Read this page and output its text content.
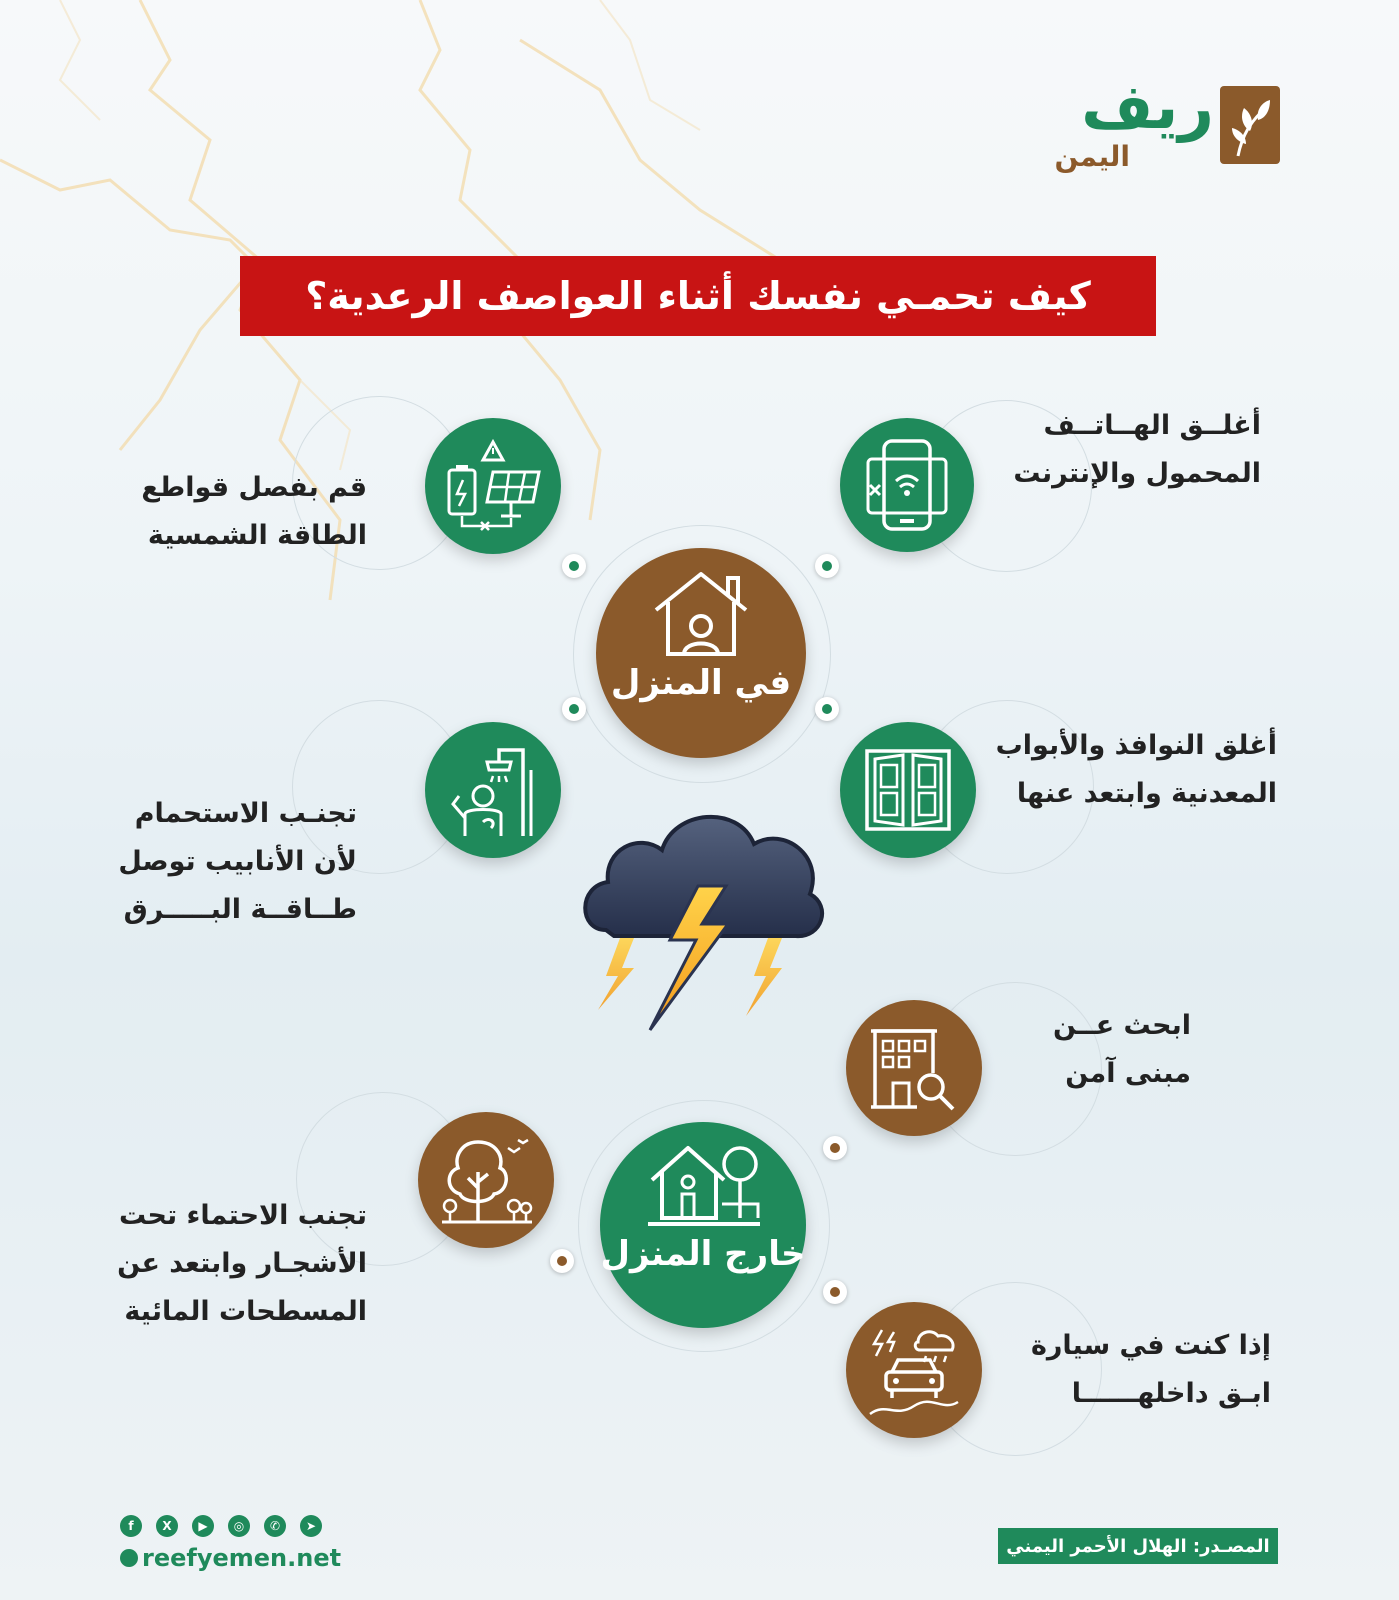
ريف
اليمن
كيف تحمـي نفسك أثناء العواصف الرعدية؟
في المنزل
أغلــق الهــاتــف
المحمول والإنترنت
قم بفصل قواطع
الطاقة الشمسية
أغلق النوافذ والأبواب
المعدنية وابتعد عنها
تجنـب الاستحمام
لأن الأنابيب توصل
طــاقــة البـــــرق
خارج المنزل
ابحث عــن
مبنى آمن
تجنب الاحتماء تحت
الأشجـار وابتعد عن
المسطحات المائية
إذا كنت في سيارة
ابـق داخلهــــــا
f	X	▶	◎	✆	➤
reefyemen.net	المصـدر: الهلال الأحمر اليمني
